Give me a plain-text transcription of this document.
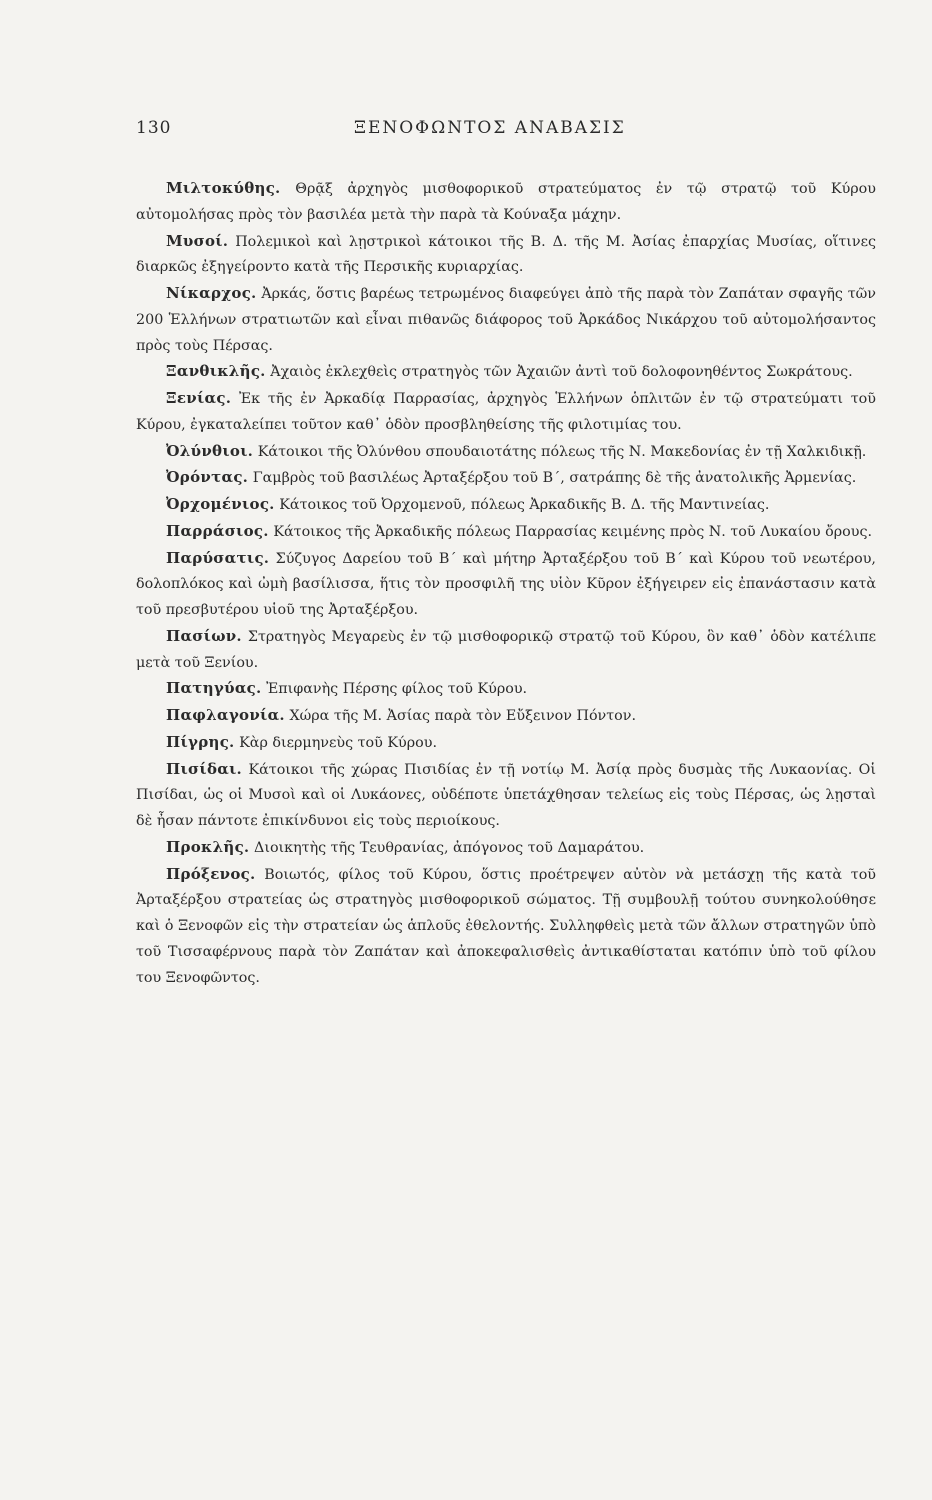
130	ΞΕΝΟΦΩΝΤΟΣ ΑΝΑΒΑΣΙΣ

Μιλτοκύθης. Θρᾷξ ἀρχηγὸς μισθοφορικοῦ στρατεύματος ἐν τῷ στρατῷ τοῦ Κύρου αὐτομολήσας πρὸς τὸν βασιλέα μετὰ τὴν παρὰ τὰ Κούναξα μάχην.

Μυσοί. Πολεμικοὶ καὶ λῃστρικοὶ κάτοικοι τῆς Β. Δ. τῆς Μ. Ἀσίας ἐπαρχίας Μυσίας, οἵτινες διαρκῶς ἐξηγείροντο κατὰ τῆς Περσικῆς κυριαρχίας.

Νίκαρχος. Ἀρκάς, ὅστις βαρέως τετρωμένος διαφεύγει ἀπὸ τῆς παρὰ τὸν Ζαπάταν σφαγῆς τῶν 200 Ἑλλήνων στρατιωτῶν καὶ εἶναι πιθανῶς διάφορος τοῦ Ἀρκάδος Νικάρχου τοῦ αὐτομολήσαντος πρὸς τοὺς Πέρσας.

Ξανθικλῆς. Ἀχαιὸς ἐκλεχθεὶς στρατηγὸς τῶν Ἀχαιῶν ἀντὶ τοῦ δολοφονηθέντος Σωκράτους.

Ξενίας. Ἐκ τῆς ἐν Ἀρκαδίᾳ Παρρασίας, ἀρχηγὸς Ἑλλήνων ὁπλιτῶν ἐν τῷ στρατεύματι τοῦ Κύρου, ἐγκαταλείπει τοῦτον καθ᾽ ὁδὸν προσβληθείσης τῆς φιλοτιμίας του.

Ὀλύνθιοι. Κάτοικοι τῆς Ὀλύνθου σπουδαιοτάτης πόλεως τῆς Ν. Μακεδονίας ἐν τῇ Χαλκιδικῇ.

Ὀρόντας. Γαμβρὸς τοῦ βασιλέως Ἀρταξέρξου τοῦ Β΄, σατράπης δὲ τῆς ἀνατολικῆς Ἀρμενίας.

Ὀρχομένιος. Κάτοικος τοῦ Ὀρχομενοῦ, πόλεως Ἀρκαδικῆς Β. Δ. τῆς Μαντινείας.

Παρράσιος. Κάτοικος τῆς Ἀρκαδικῆς πόλεως Παρρασίας κειμένης πρὸς Ν. τοῦ Λυκαίου ὄρους.

Παρύσατις. Σύζυγος Δαρείου τοῦ Β΄ καὶ μήτηρ Ἀρταξέρξου τοῦ Β΄ καὶ Κύρου τοῦ νεωτέρου, δολοπλόκος καὶ ὠμὴ βασίλισσα, ἥτις τὸν προσφιλῆ της υἱὸν Κῦρον ἐξήγειρεν εἰς ἐπανάστασιν κατὰ τοῦ πρεσβυτέρου υἱοῦ της Ἀρταξέρξου.

Πασίων. Στρατηγὸς Μεγαρεὺς ἐν τῷ μισθοφορικῷ στρατῷ τοῦ Κύρου, ὃν καθ᾽ ὁδὸν κατέλιπε μετὰ τοῦ Ξενίου.

Πατηγύας. Ἐπιφανὴς Πέρσης φίλος τοῦ Κύρου.

Παφλαγονία. Χώρα τῆς Μ. Ἀσίας παρὰ τὸν Εὔξεινον Πόντον.

Πίγρης. Κὰρ διερμηνεὺς τοῦ Κύρου.

Πισίδαι. Κάτοικοι τῆς χώρας Πισιδίας ἐν τῇ νοτίῳ Μ. Ἀσίᾳ πρὸς δυσμὰς τῆς Λυκαονίας. Οἱ Πισίδαι, ὡς οἱ Μυσοὶ καὶ οἱ Λυκάονες, οὐδέποτε ὑπετάχθησαν τελείως εἰς τοὺς Πέρσας, ὡς λῃσταὶ δὲ ἦσαν πάντοτε ἐπικίνδυνοι εἰς τοὺς περιοίκους.

Προκλῆς. Διοικητὴς τῆς Τευθρανίας, ἀπόγονος τοῦ Δαμαράτου.

Πρόξενος. Βοιωτός, φίλος τοῦ Κύρου, ὅστις προέτρεψεν αὐτὸν νὰ μετάσχῃ τῆς κατὰ τοῦ Ἀρταξέρξου στρατείας ὡς στρατηγὸς μισθοφορικοῦ σώματος. Τῇ συμβουλῇ τούτου συνηκολούθησε καὶ ὁ Ξενοφῶν εἰς τὴν στρατείαν ὡς ἁπλοῦς ἐθελοντής. Συλληφθεὶς μετὰ τῶν ἄλλων στρατηγῶν ὑπὸ τοῦ Τισσαφέρνους παρὰ τὸν Ζαπάταν καὶ ἀποκεφαλισθεὶς ἀντικαθίσταται κατόπιν ὑπὸ τοῦ φίλου του Ξενοφῶντος.
